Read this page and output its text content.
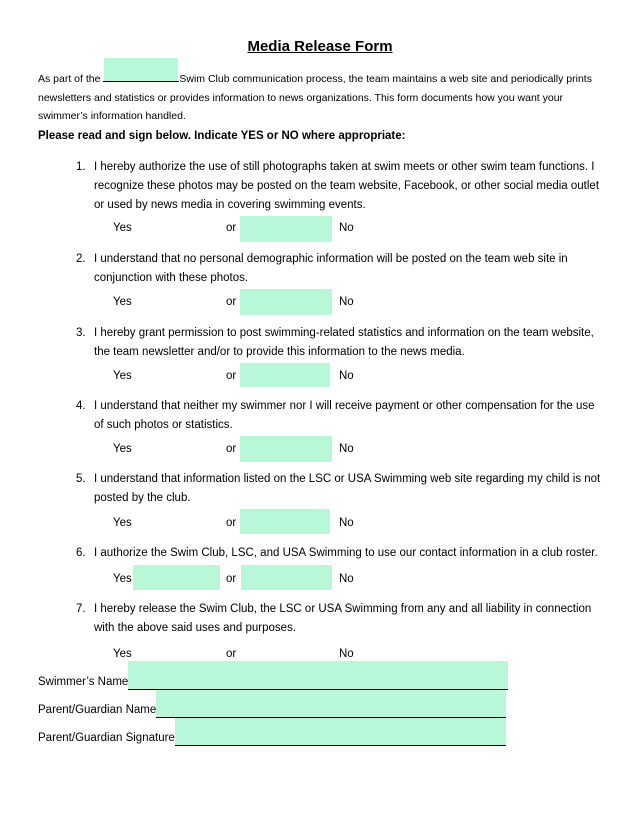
Media Release Form
As part of the	Swim Club communication process, the team maintains a web site and periodically prints newsletters and statistics or provides information to news organizations. This form documents how you want your swimmer’s information handled.
Please read and sign below. Indicate YES or NO where appropriate:
1. I hereby authorize the use of still photographs taken at swim meets or other swim team functions. I recognize these photos may be posted on the team website, Facebook, or other social media outlet or used by news media in covering swimming events.
Yes	or	No
2. I understand that no personal demographic information will be posted on the team web site in conjunction with these photos.
Yes	or	No
3. I hereby grant permission to post swimming-related statistics and information on the team website, the team newsletter and/or to provide this information to the news media.
Yes	or	No
4. I understand that neither my swimmer nor I will receive payment or other compensation for the use of such photos or statistics.
Yes	or	No
5. I understand that information listed on the LSC or USA Swimming web site regarding my child is not posted by the club.
Yes	or	No
6. I authorize the Swim Club, LSC, and USA Swimming to use our contact information in a club roster.
Yes	or	No
7. I hereby release the Swim Club, the LSC or USA Swimming from any and all liability in connection with the above said uses and purposes.
Yes	or	No
Swimmer’s Name
Parent/Guardian Name
Parent/Guardian Signature
